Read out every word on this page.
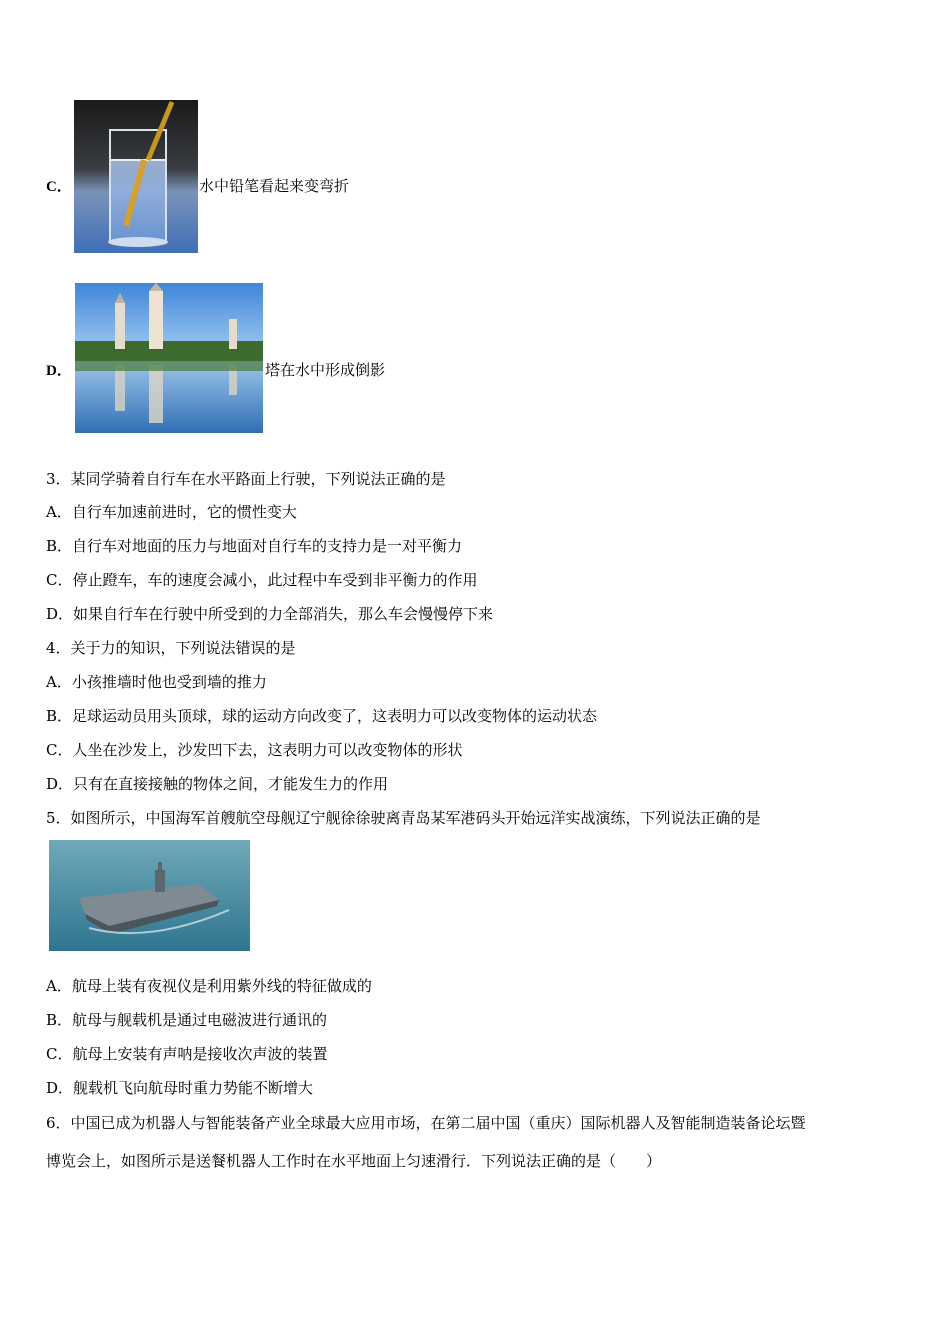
C．	水中铅笔看起来变弯折
D．	塔在水中形成倒影
3．某同学骑着自行车在水平路面上行驶，下列说法正确的是
A．自行车加速前进时，它的惯性变大
B．自行车对地面的压力与地面对自行车的支持力是一对平衡力
C．停止蹬车，车的速度会减小，此过程中车受到非平衡力的作用
D．如果自行车在行驶中所受到的力全部消失，那么车会慢慢停下来
4．关于力的知识，下列说法错误的是
A．小孩推墙时他也受到墙的推力
B．足球运动员用头顶球，球的运动方向改变了，这表明力可以改变物体的运动状态
C．人坐在沙发上，沙发凹下去，这表明力可以改变物体的形状
D．只有在直接接触的物体之间，才能发生力的作用
5．如图所示，中国海军首艘航空母舰辽宁舰徐徐驶离青岛某军港码头开始远洋实战演练，下列说法正确的是
A．航母上装有夜视仪是利用紫外线的特征做成的
B．航母与舰载机是通过电磁波进行通讯的
C．航母上安装有声呐是接收次声波的装置
D．舰载机飞向航母时重力势能不断增大
6．中国已成为机器人与智能装备产业全球最大应用市场，在第二届中国（重庆）国际机器人及智能制造装备论坛暨
博览会上，如图所示是送餐机器人工作时在水平地面上匀速滑行．下列说法正确的是（　　）
